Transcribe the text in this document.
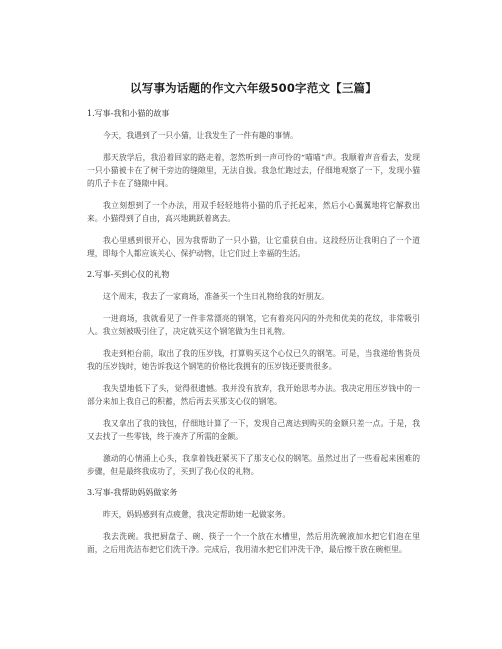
以写事为话题的作文六年级500字范文【三篇】
1.写事-我和小猫的故事

今天，我遇到了一只小猫，让我发生了一件有趣的事情。

那天放学后，我沿着回家的路走着，忽然听到一声可怜的“喵喵”声。我顺着声音看去，发现一只小猫被卡在了树干旁边的缝隙里，无法自拔。我急忙跑过去，仔细地观察了一下，发现小猫的爪子卡在了缝隙中间。

我立刻想到了一个办法，用双手轻轻地将小猫的爪子托起来，然后小心翼翼地将它解救出来。小猫得到了自由，高兴地跳跃着离去。

我心里感到很开心，因为我帮助了一只小猫，让它重获自由。这段经历让我明白了一个道理，即每个人都应该关心、保护动物，让它们过上幸福的生活。

2.写事-买到心仪的礼物

这个周末，我去了一家商场，准备买一个生日礼物给我的好朋友。

一进商场，我就看见了一件非常漂亮的钢笔，它有着亮闪闪的外壳和优美的花纹，非常吸引人。我立刻被吸引住了，决定就买这个钢笔做为生日礼物。

我走到柜台前，取出了我的压岁钱，打算购买这个心仪已久的钢笔。可是，当我递给售货员我的压岁钱时，她告诉我这个钢笔的价格比我拥有的压岁钱还要贵很多。

我失望地低下了头，觉得很遗憾。我并没有放弃，我开始思考办法。我决定用压岁钱中的一部分来加上我自己的积蓄，然后再去买那支心仪的钢笔。

我又拿出了我的钱包，仔细地计算了一下，发现自己离达到购买的金额只差一点。于是，我又去找了一些零钱，终于凑齐了所需的金额。

激动的心情涌上心头，我拿着钱赶紧买下了那支心仪的钢笔。虽然过出了一些看起来困难的步骤，但是最终我成功了，买到了我心仪的礼物。

3.写事-我帮助妈妈做家务

昨天，妈妈感到有点疲惫，我决定帮助她一起做家务。

我去洗碗。我把厨盘子、碗、筷子一个一个放在水槽里，然后用洗碗液加水把它们泡在里面，之后用洗洁布把它们洗干净。完成后，我用清水把它们冲洗干净，最后擦干放在碗柜里。
